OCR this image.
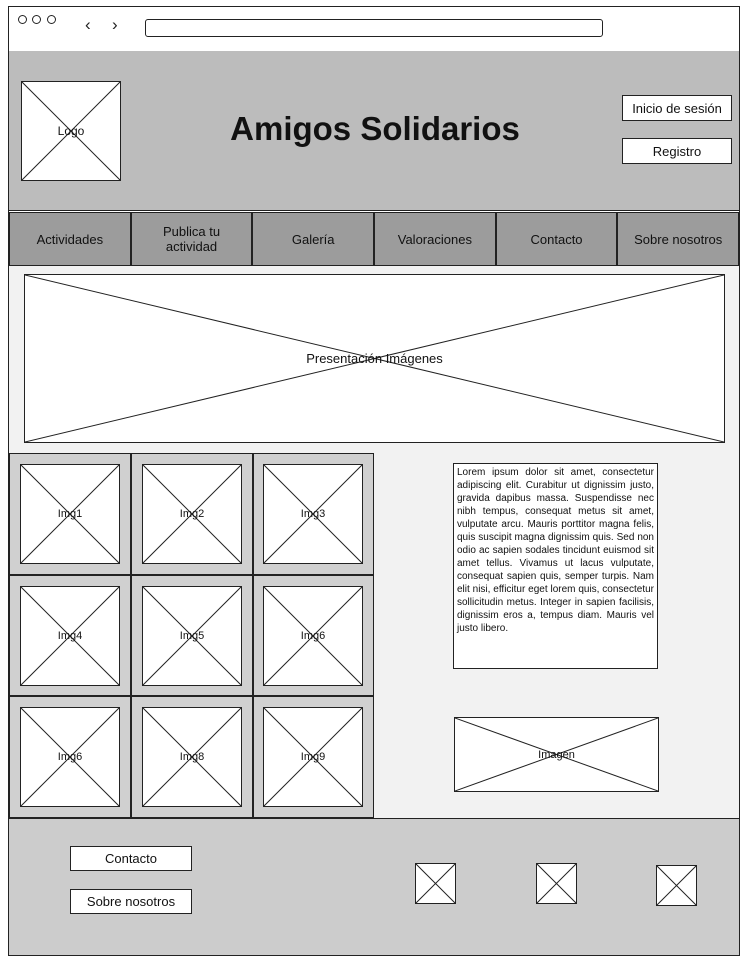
‹ ›
Logo	Amigos Solidarios
Inicio de sesión
Registro
Actividades	Publica tu actividad	Galería	Valoraciones	Contacto	Sobre nosotros
Presentación Imágenes
Img1	Img2	Img3
Img4	Img5	Img6
Img6	Img8	Img9
Lorem ipsum dolor sit amet, consectetur adipiscing elit. Curabitur ut dignissim justo, gravida dapibus massa. Suspendisse nec nibh tempus, consequat metus sit amet, vulputate arcu. Mauris porttitor magna felis, quis suscipit magna dignissim quis. Sed non odio ac sapien sodales tincidunt euismod sit amet tellus. Vivamus ut lacus vulputate, consequat sapien quis, semper turpis. Nam elit nisi, efficitur eget lorem quis, consectetur sollicitudin metus. Integer in sapien facilisis, dignissim eros a, tempus diam. Mauris vel justo libero.
Imagen
Contacto
Sobre nosotros
